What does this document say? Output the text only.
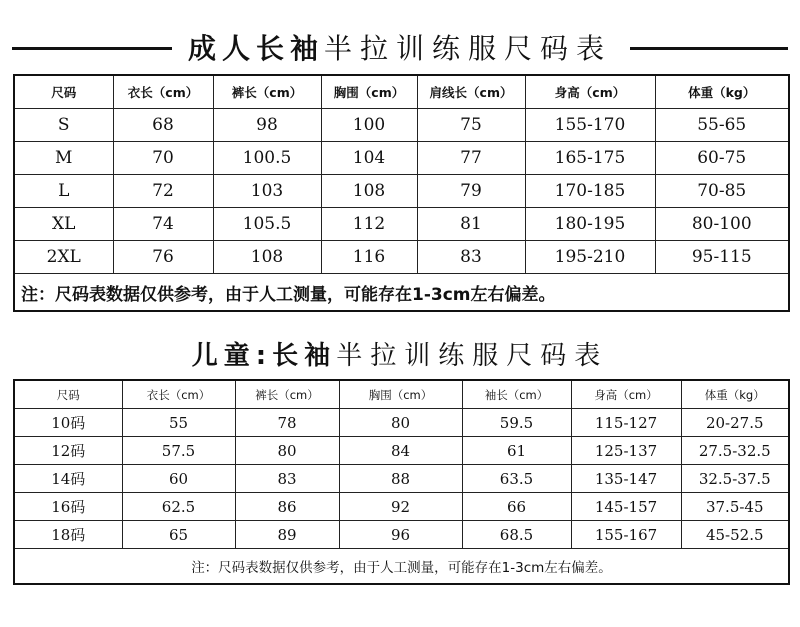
成人长袖半拉训练服尺码表
尺码	衣长（cm）	裤长（cm）	胸围（cm）	肩线长（cm）	身高（cm）	体重（kg）
S	68	98	100	75	155-170	55-65
M	70	100.5	104	77	165-175	60-75
L	72	103	108	79	170-185	70-85
XL	74	105.5	112	81	180-195	80-100
2XL	76	108	116	83	195-210	95-115
注：尺码表数据仅供参考，由于人工测量，可能存在1-3cm左右偏差。						
儿童:长袖半拉训练服尺码表
尺码	衣长（cm）	裤长（cm）	胸围（cm）	袖长（cm）	身高（cm）	体重（kg）
10码	55	78	80	59.5	115-127	20-27.5
12码	57.5	80	84	61	125-137	27.5-32.5
14码	60	83	88	63.5	135-147	32.5-37.5
16码	62.5	86	92	66	145-157	37.5-45
18码	65	89	96	68.5	155-167	45-52.5
注：尺码表数据仅供参考，由于人工测量，可能存在1-3cm左右偏差。						
